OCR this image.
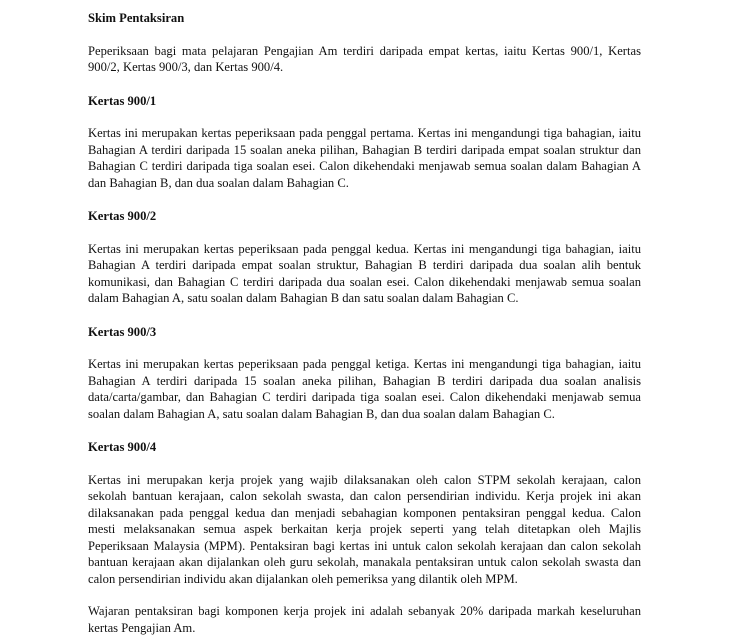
Skim Pentaksiran

Peperiksaan bagi mata pelajaran Pengajian Am terdiri daripada empat kertas, iaitu Kertas 900/1, Kertas 900/2, Kertas 900/3, dan Kertas 900/4.

Kertas 900/1

Kertas ini merupakan kertas peperiksaan pada penggal pertama. Kertas ini mengandungi tiga bahagian, iaitu Bahagian A terdiri daripada 15 soalan aneka pilihan, Bahagian B terdiri daripada empat soalan struktur dan Bahagian C terdiri daripada tiga soalan esei. Calon dikehendaki menjawab semua soalan dalam Bahagian A dan Bahagian B, dan dua soalan dalam Bahagian C.

Kertas 900/2

Kertas ini merupakan kertas peperiksaan pada penggal kedua. Kertas ini mengandungi tiga bahagian, iaitu Bahagian A terdiri daripada empat soalan struktur, Bahagian B terdiri daripada dua soalan alih bentuk komunikasi, dan Bahagian C terdiri daripada dua soalan esei. Calon dikehendaki menjawab semua soalan dalam Bahagian A, satu soalan dalam Bahagian B dan satu soalan dalam Bahagian C.

Kertas 900/3

Kertas ini merupakan kertas peperiksaan pada penggal ketiga. Kertas ini mengandungi tiga bahagian, iaitu Bahagian A terdiri daripada 15 soalan aneka pilihan, Bahagian B terdiri daripada dua soalan analisis data/carta/gambar, dan Bahagian C terdiri daripada tiga soalan esei. Calon dikehendaki menjawab semua soalan dalam Bahagian A, satu soalan dalam Bahagian B, dan dua soalan dalam Bahagian C.

Kertas 900/4

Kertas ini merupakan kerja projek yang wajib dilaksanakan oleh calon STPM sekolah kerajaan, calon sekolah bantuan kerajaan, calon sekolah swasta, dan calon persendirian individu. Kerja projek ini akan dilaksanakan pada penggal kedua dan menjadi sebahagian komponen pentaksiran penggal kedua. Calon mesti melaksanakan semua aspek berkaitan kerja projek seperti yang telah ditetapkan oleh Majlis Peperiksaan Malaysia (MPM). Pentaksiran bagi kertas ini untuk calon sekolah kerajaan dan calon sekolah bantuan kerajaan akan dijalankan oleh guru sekolah, manakala pentaksiran untuk calon sekolah swasta dan calon persendirian individu akan dijalankan oleh pemeriksa yang dilantik oleh MPM.

Wajaran pentaksiran bagi komponen kerja projek ini adalah sebanyak 20% daripada markah keseluruhan kertas Pengajian Am.
